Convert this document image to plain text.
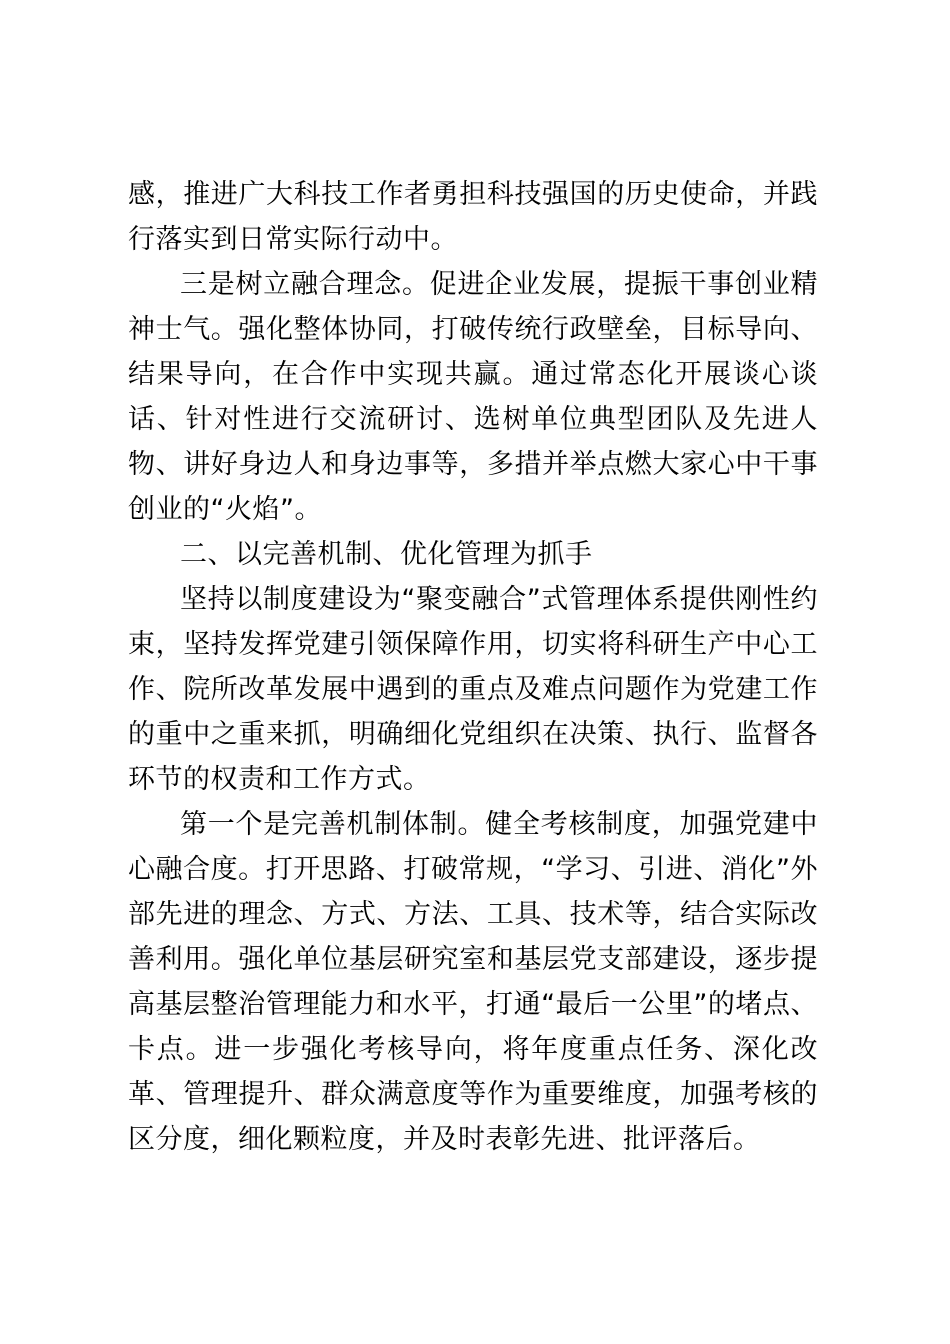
感，推进广大科技工作者勇担科技强国的历史使命，并践行落实到日常实际行动中。

三是树立融合理念。促进企业发展，提振干事创业精神士气。强化整体协同，打破传统行政壁垒，目标导向、结果导向，在合作中实现共赢。通过常态化开展谈心谈话、针对性进行交流研讨、选树单位典型团队及先进人物、讲好身边人和身边事等，多措并举点燃大家心中干事创业的“火焰”。

二、以完善机制、优化管理为抓手

坚持以制度建设为“聚变融合”式管理体系提供刚性约束，坚持发挥党建引领保障作用，切实将科研生产中心工作、院所改革发展中遇到的重点及难点问题作为党建工作的重中之重来抓，明确细化党组织在决策、执行、监督各环节的权责和工作方式。

第一个是完善机制体制。健全考核制度，加强党建中心融合度。打开思路、打破常规，“学习、引进、消化”外部先进的理念、方式、方法、工具、技术等，结合实际改善利用。强化单位基层研究室和基层党支部建设，逐步提高基层整治管理能力和水平，打通“最后一公里”的堵点、卡点。进一步强化考核导向，将年度重点任务、深化改革、管理提升、群众满意度等作为重要维度，加强考核的区分度，细化颗粒度，并及时表彰先进、批评落后。
